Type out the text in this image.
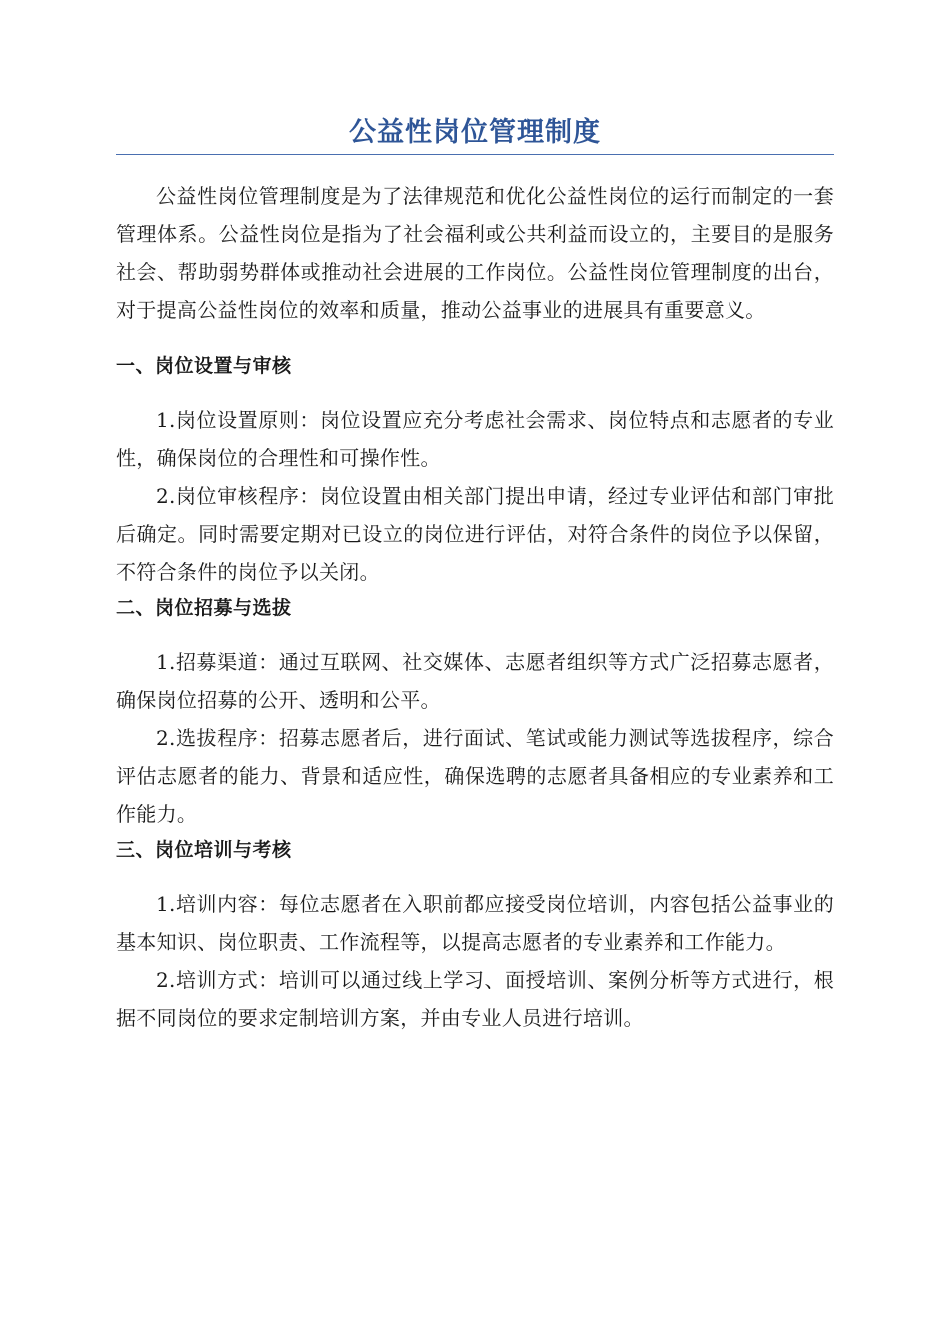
公益性岗位管理制度

公益性岗位管理制度是为了法律规范和优化公益性岗位的运行而制定的一套管理体系。公益性岗位是指为了社会福利或公共利益而设立的，主要目的是服务社会、帮助弱势群体或推动社会进展的工作岗位。公益性岗位管理制度的出台，对于提高公益性岗位的效率和质量，推动公益事业的进展具有重要意义。

一、岗位设置与审核

1.岗位设置原则：岗位设置应充分考虑社会需求、岗位特点和志愿者的专业性，确保岗位的合理性和可操作性。

2.岗位审核程序：岗位设置由相关部门提出申请，经过专业评估和部门审批后确定。同时需要定期对已设立的岗位进行评估，对符合条件的岗位予以保留，不符合条件的岗位予以关闭。

二、岗位招募与选拔

1.招募渠道：通过互联网、社交媒体、志愿者组织等方式广泛招募志愿者，确保岗位招募的公开、透明和公平。

2.选拔程序：招募志愿者后，进行面试、笔试或能力测试等选拔程序，综合评估志愿者的能力、背景和适应性，确保选聘的志愿者具备相应的专业素养和工作能力。

三、岗位培训与考核

1.培训内容：每位志愿者在入职前都应接受岗位培训，内容包括公益事业的基本知识、岗位职责、工作流程等，以提高志愿者的专业素养和工作能力。

2.培训方式：培训可以通过线上学习、面授培训、案例分析等方式进行，根据不同岗位的要求定制培训方案，并由专业人员进行培训。
